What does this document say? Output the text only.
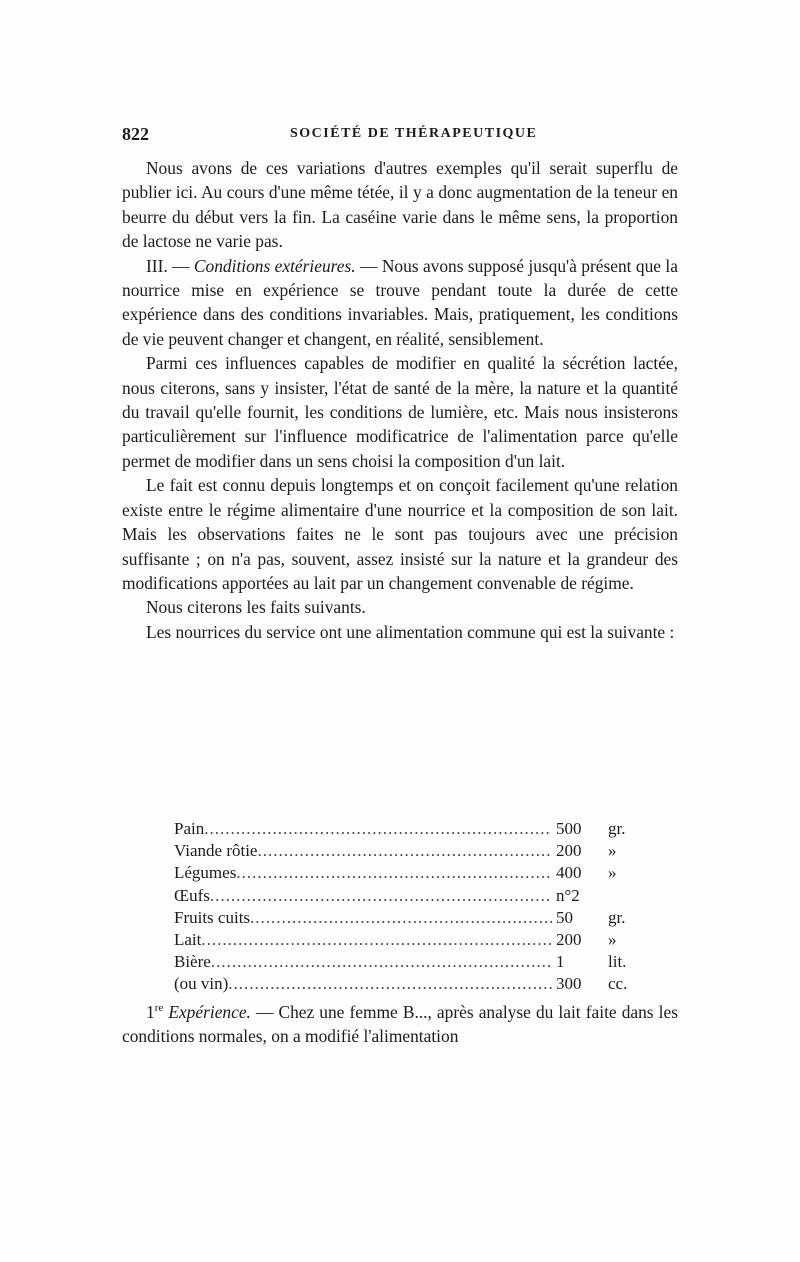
822	SOCIÉTÉ DE THÉRAPEUTIQUE

Nous avons de ces variations d'autres exemples qu'il serait superflu de publier ici. Au cours d'une même tétée, il y a donc augmentation de la teneur en beurre du début vers la fin. La caséine varie dans le même sens, la proportion de lactose ne varie pas.

III. — Conditions extérieures. — Nous avons supposé jusqu'à présent que la nourrice mise en expérience se trouve pendant toute la durée de cette expérience dans des conditions invariables. Mais, pratiquement, les conditions de vie peuvent changer et changent, en réalité, sensiblement.

Parmi ces influences capables de modifier en qualité la sécrétion lactée, nous citerons, sans y insister, l'état de santé de la mère, la nature et la quantité du travail qu'elle fournit, les conditions de lumière, etc. Mais nous insisterons particulièrement sur l'influence modificatrice de l'alimentation parce qu'elle permet de modifier dans un sens choisi la composition d'un lait.

Le fait est connu depuis longtemps et on conçoit facilement qu'une relation existe entre le régime alimentaire d'une nourrice et la composition de son lait. Mais les observations faites ne le sont pas toujours avec une précision suffisante ; on n'a pas, souvent, assez insisté sur la nature et la grandeur des modifications apportées au lait par un changement convenable de régime.

Nous citerons les faits suivants.

Les nourrices du service ont une alimentation commune qui est la suivante :

Pain .....	500	gr.
Viande rôtie .....	200	»
Légumes .....	400	»
Œufs .....	n°2
Fruits cuits .....	50	gr.
Lait .....	200	»
Bière .....	1	lit.
(ou vin) .....	300	cc.

1re Expérience. — Chez une femme B..., après analyse du lait faite dans les conditions normales, on a modifié l'alimentation
